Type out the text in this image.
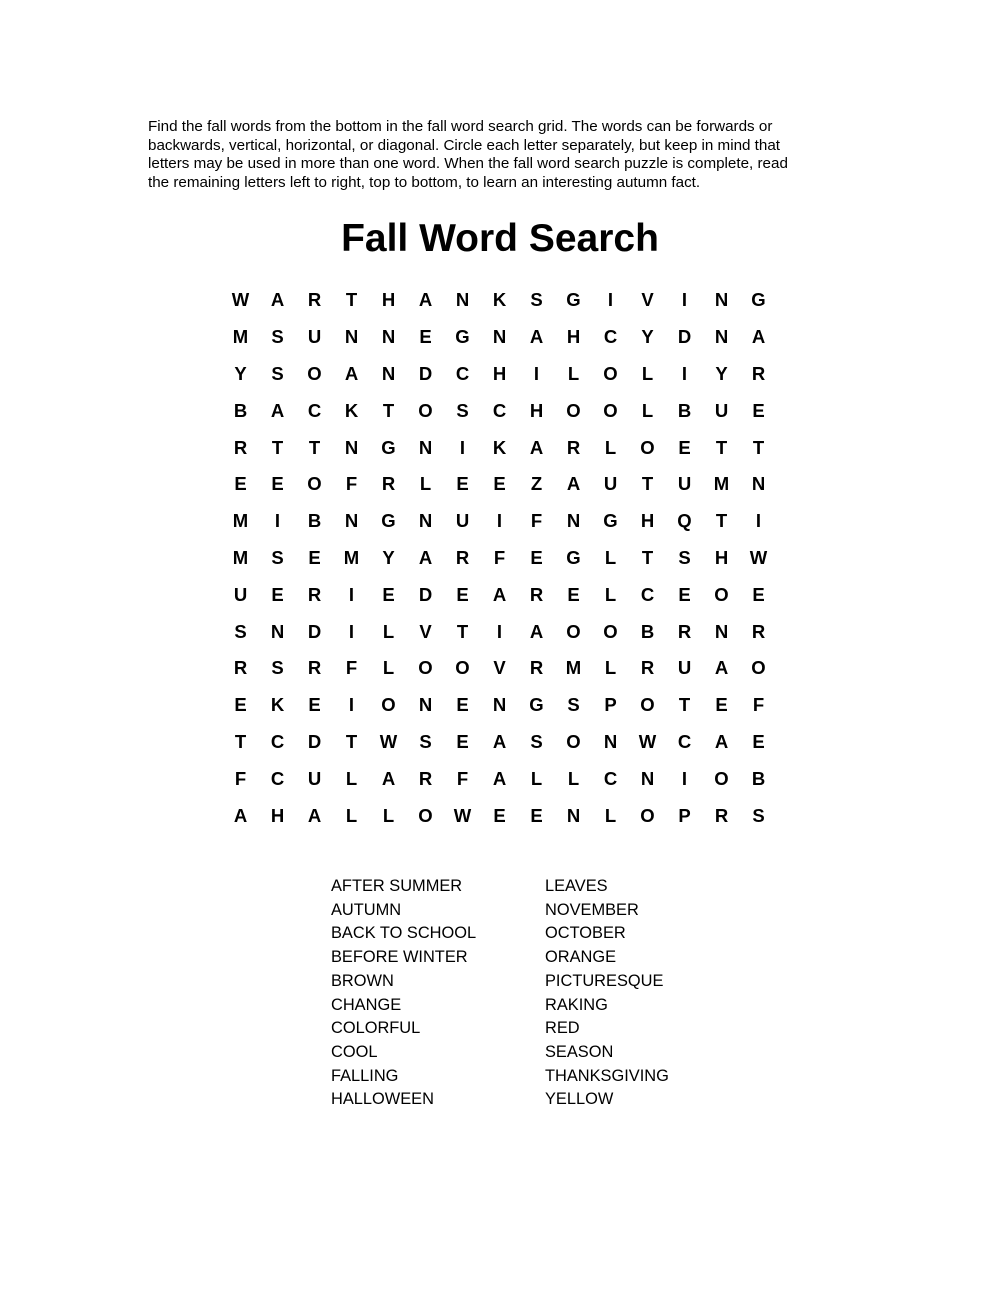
Find the fall words from the bottom in the fall word search grid. The words can be forwards or
backwards, vertical, horizontal, or diagonal. Circle each letter separately, but keep in mind that
letters may be used in more than one word. When the fall word search puzzle is complete, read
the remaining letters left to right, top to bottom, to learn an interesting autumn fact.

Fall Word Search
W	A	R	T	H	A	N	K	S	G	I	V	I	N	G
M	S	U	N	N	E	G	N	A	H	C	Y	D	N	A
Y	S	O	A	N	D	C	H	I	L	O	L	I	Y	R
B	A	C	K	T	O	S	C	H	O	O	L	B	U	E
R	T	T	N	G	N	I	K	A	R	L	O	E	T	T
E	E	O	F	R	L	E	E	Z	A	U	T	U	M	N
M	I	B	N	G	N	U	I	F	N	G	H	Q	T	I
M	S	E	M	Y	A	R	F	E	G	L	T	S	H	W
U	E	R	I	E	D	E	A	R	E	L	C	E	O	E
S	N	D	I	L	V	T	I	A	O	O	B	R	N	R
R	S	R	F	L	O	O	V	R	M	L	R	U	A	O
E	K	E	I	O	N	E	N	G	S	P	O	T	E	F
T	C	D	T	W	S	E	A	S	O	N	W	C	A	E
F	C	U	L	A	R	F	A	L	L	C	N	I	O	B
A	H	A	L	L	O	W	E	E	N	L	O	P	R	S
AFTER SUMMER
AUTUMN
BACK TO SCHOOL
BEFORE WINTER
BROWN
CHANGE
COLORFUL
COOL
FALLING
HALLOWEEN
LEAVES
NOVEMBER
OCTOBER
ORANGE
PICTURESQUE
RAKING
RED
SEASON
THANKSGIVING
YELLOW
